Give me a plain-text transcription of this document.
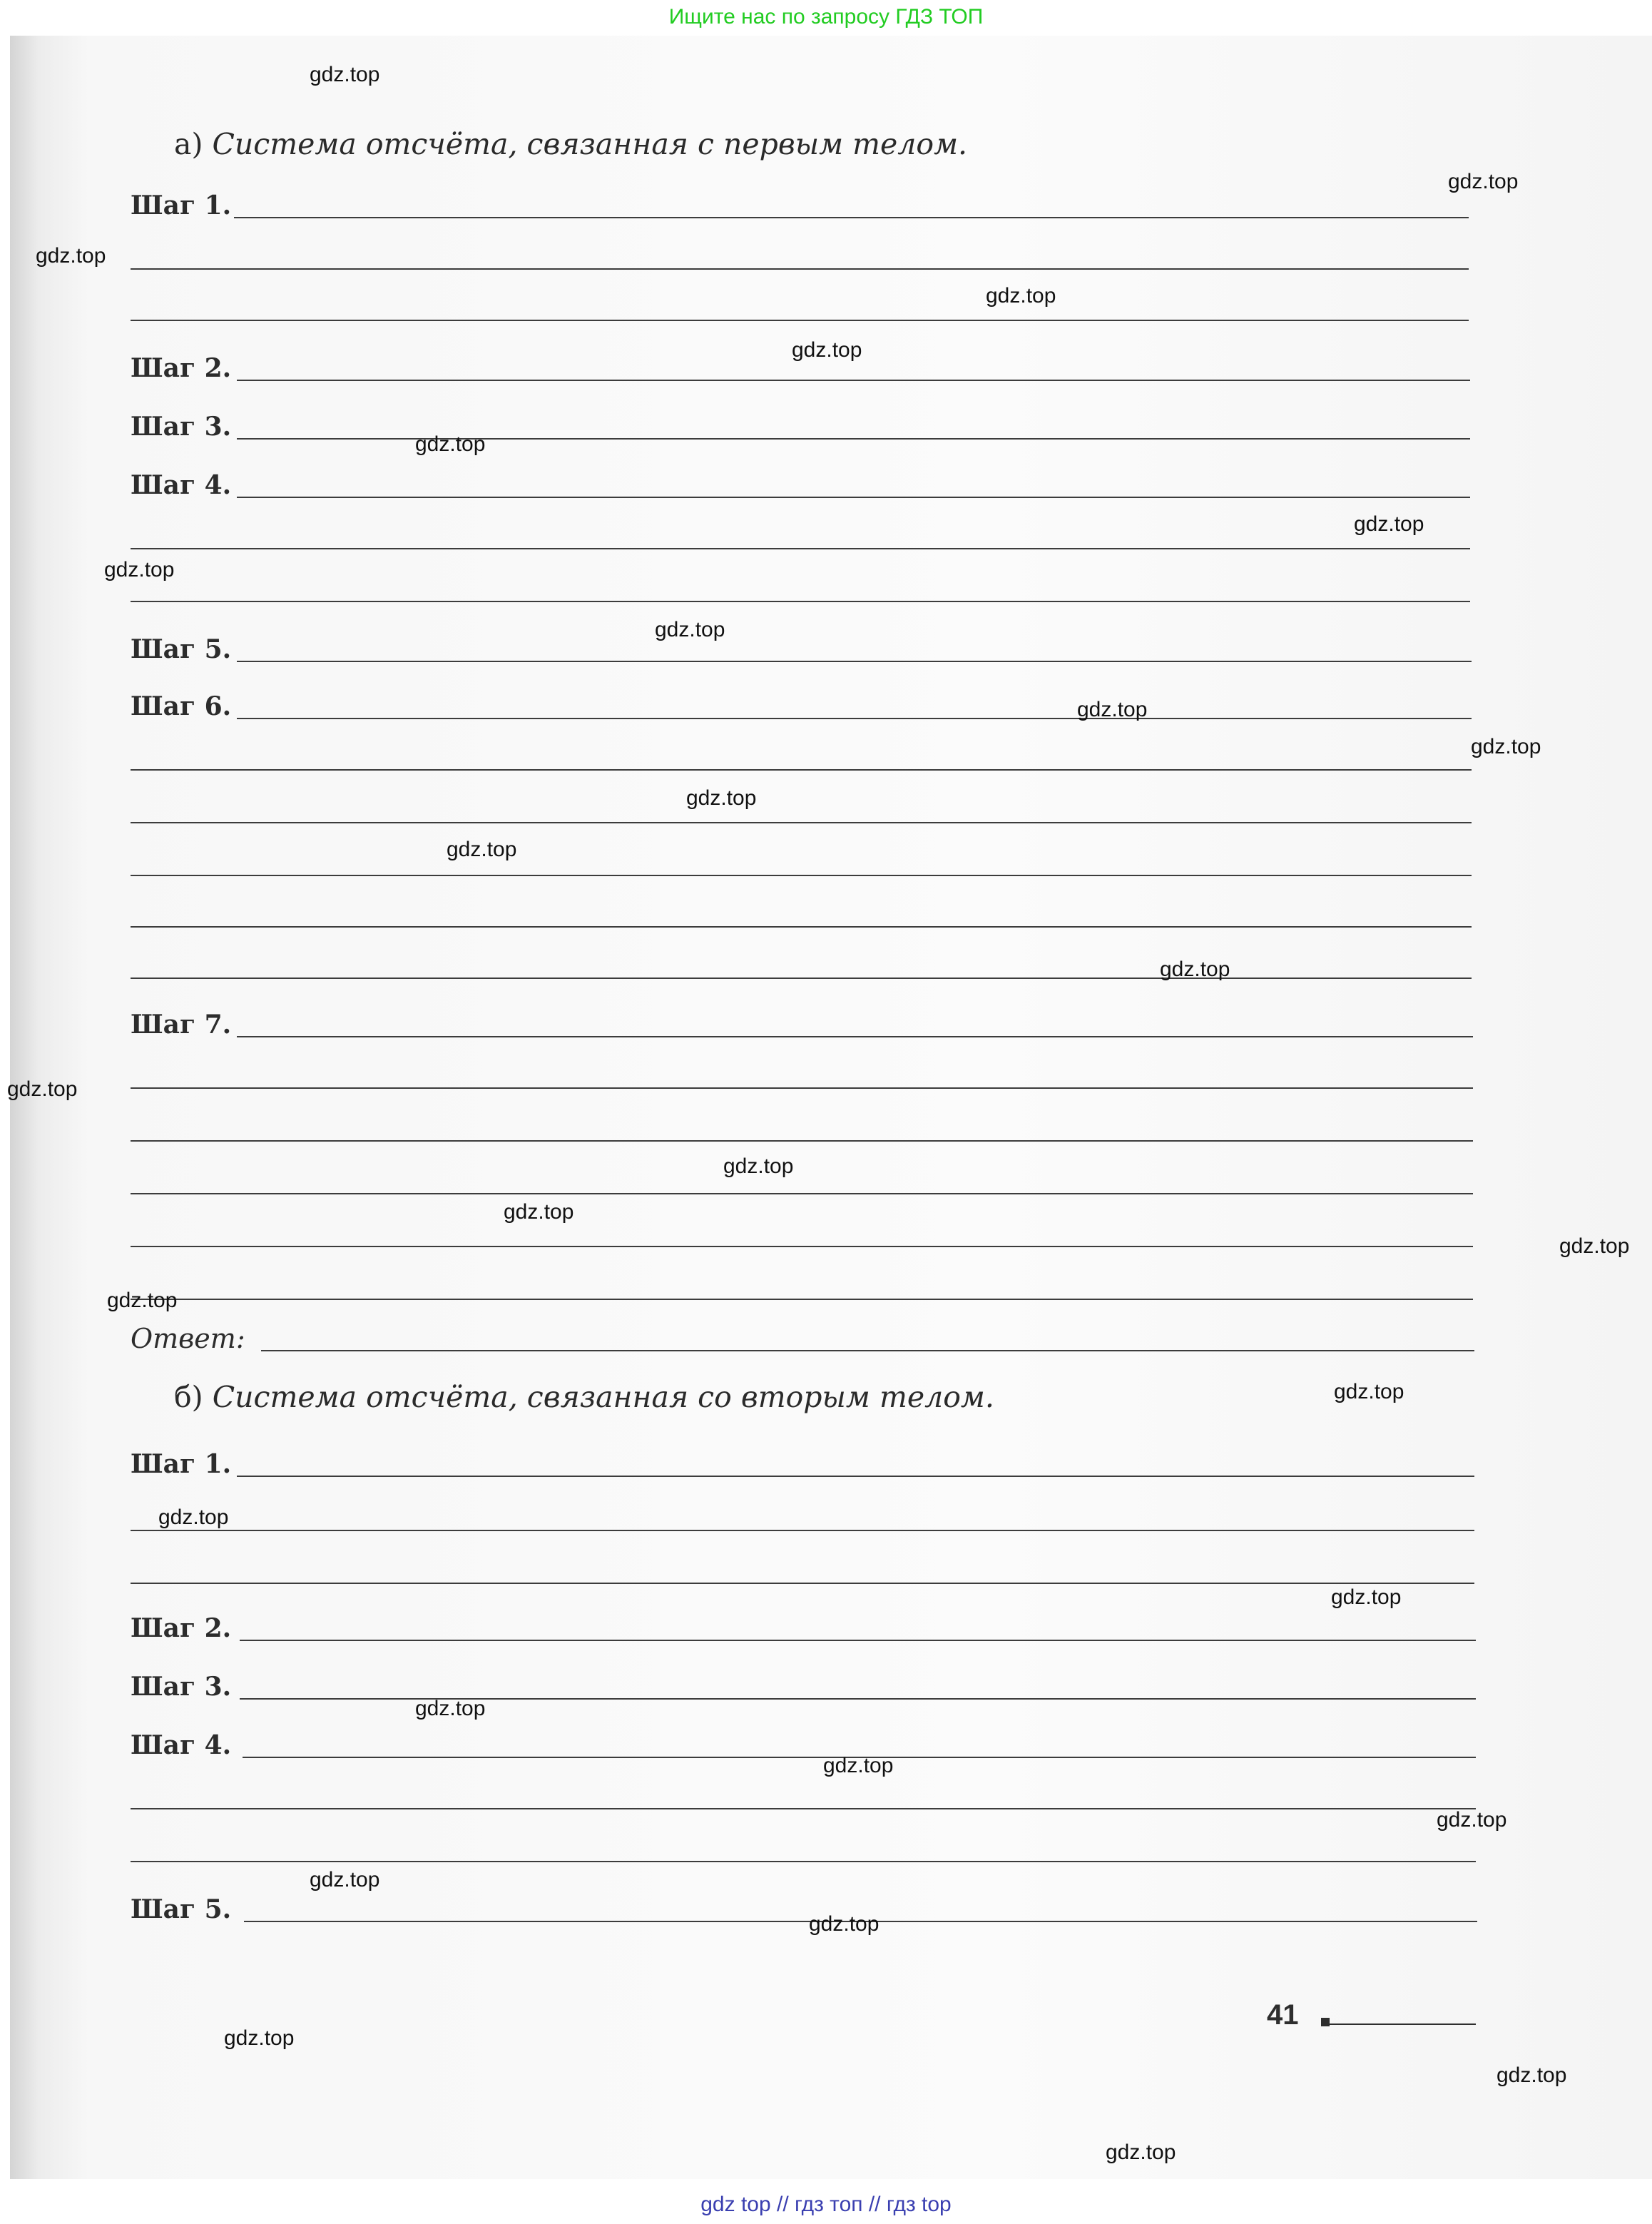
Ищите нас по запросу ГДЗ ТОП
а) Система отсчёта, связанная с первым телом.
Шаг 1.
Шаг 2.
Шаг 3.
Шаг 4.
Шаг 5.
Шаг 6.
Шаг 7.
Ответ:
б) Система отсчёта, связанная со вторым телом.
Шаг 1.
Шаг 2.
Шаг 3.
Шаг 4.
Шаг 5.
41
gdz.top
gdz.top
gdz.top
gdz.top
gdz.top
gdz.top
gdz.top
gdz.top
gdz.top
gdz.top
gdz.top
gdz.top
gdz.top
gdz.top
gdz.top
gdz.top
gdz.top
gdz.top
gdz.top
gdz.top
gdz.top
gdz.top
gdz.top
gdz.top
gdz.top
gdz.top
gdz.top
gdz.top
gdz.top
gdz.top
gdz top // гдз топ // гдз top
